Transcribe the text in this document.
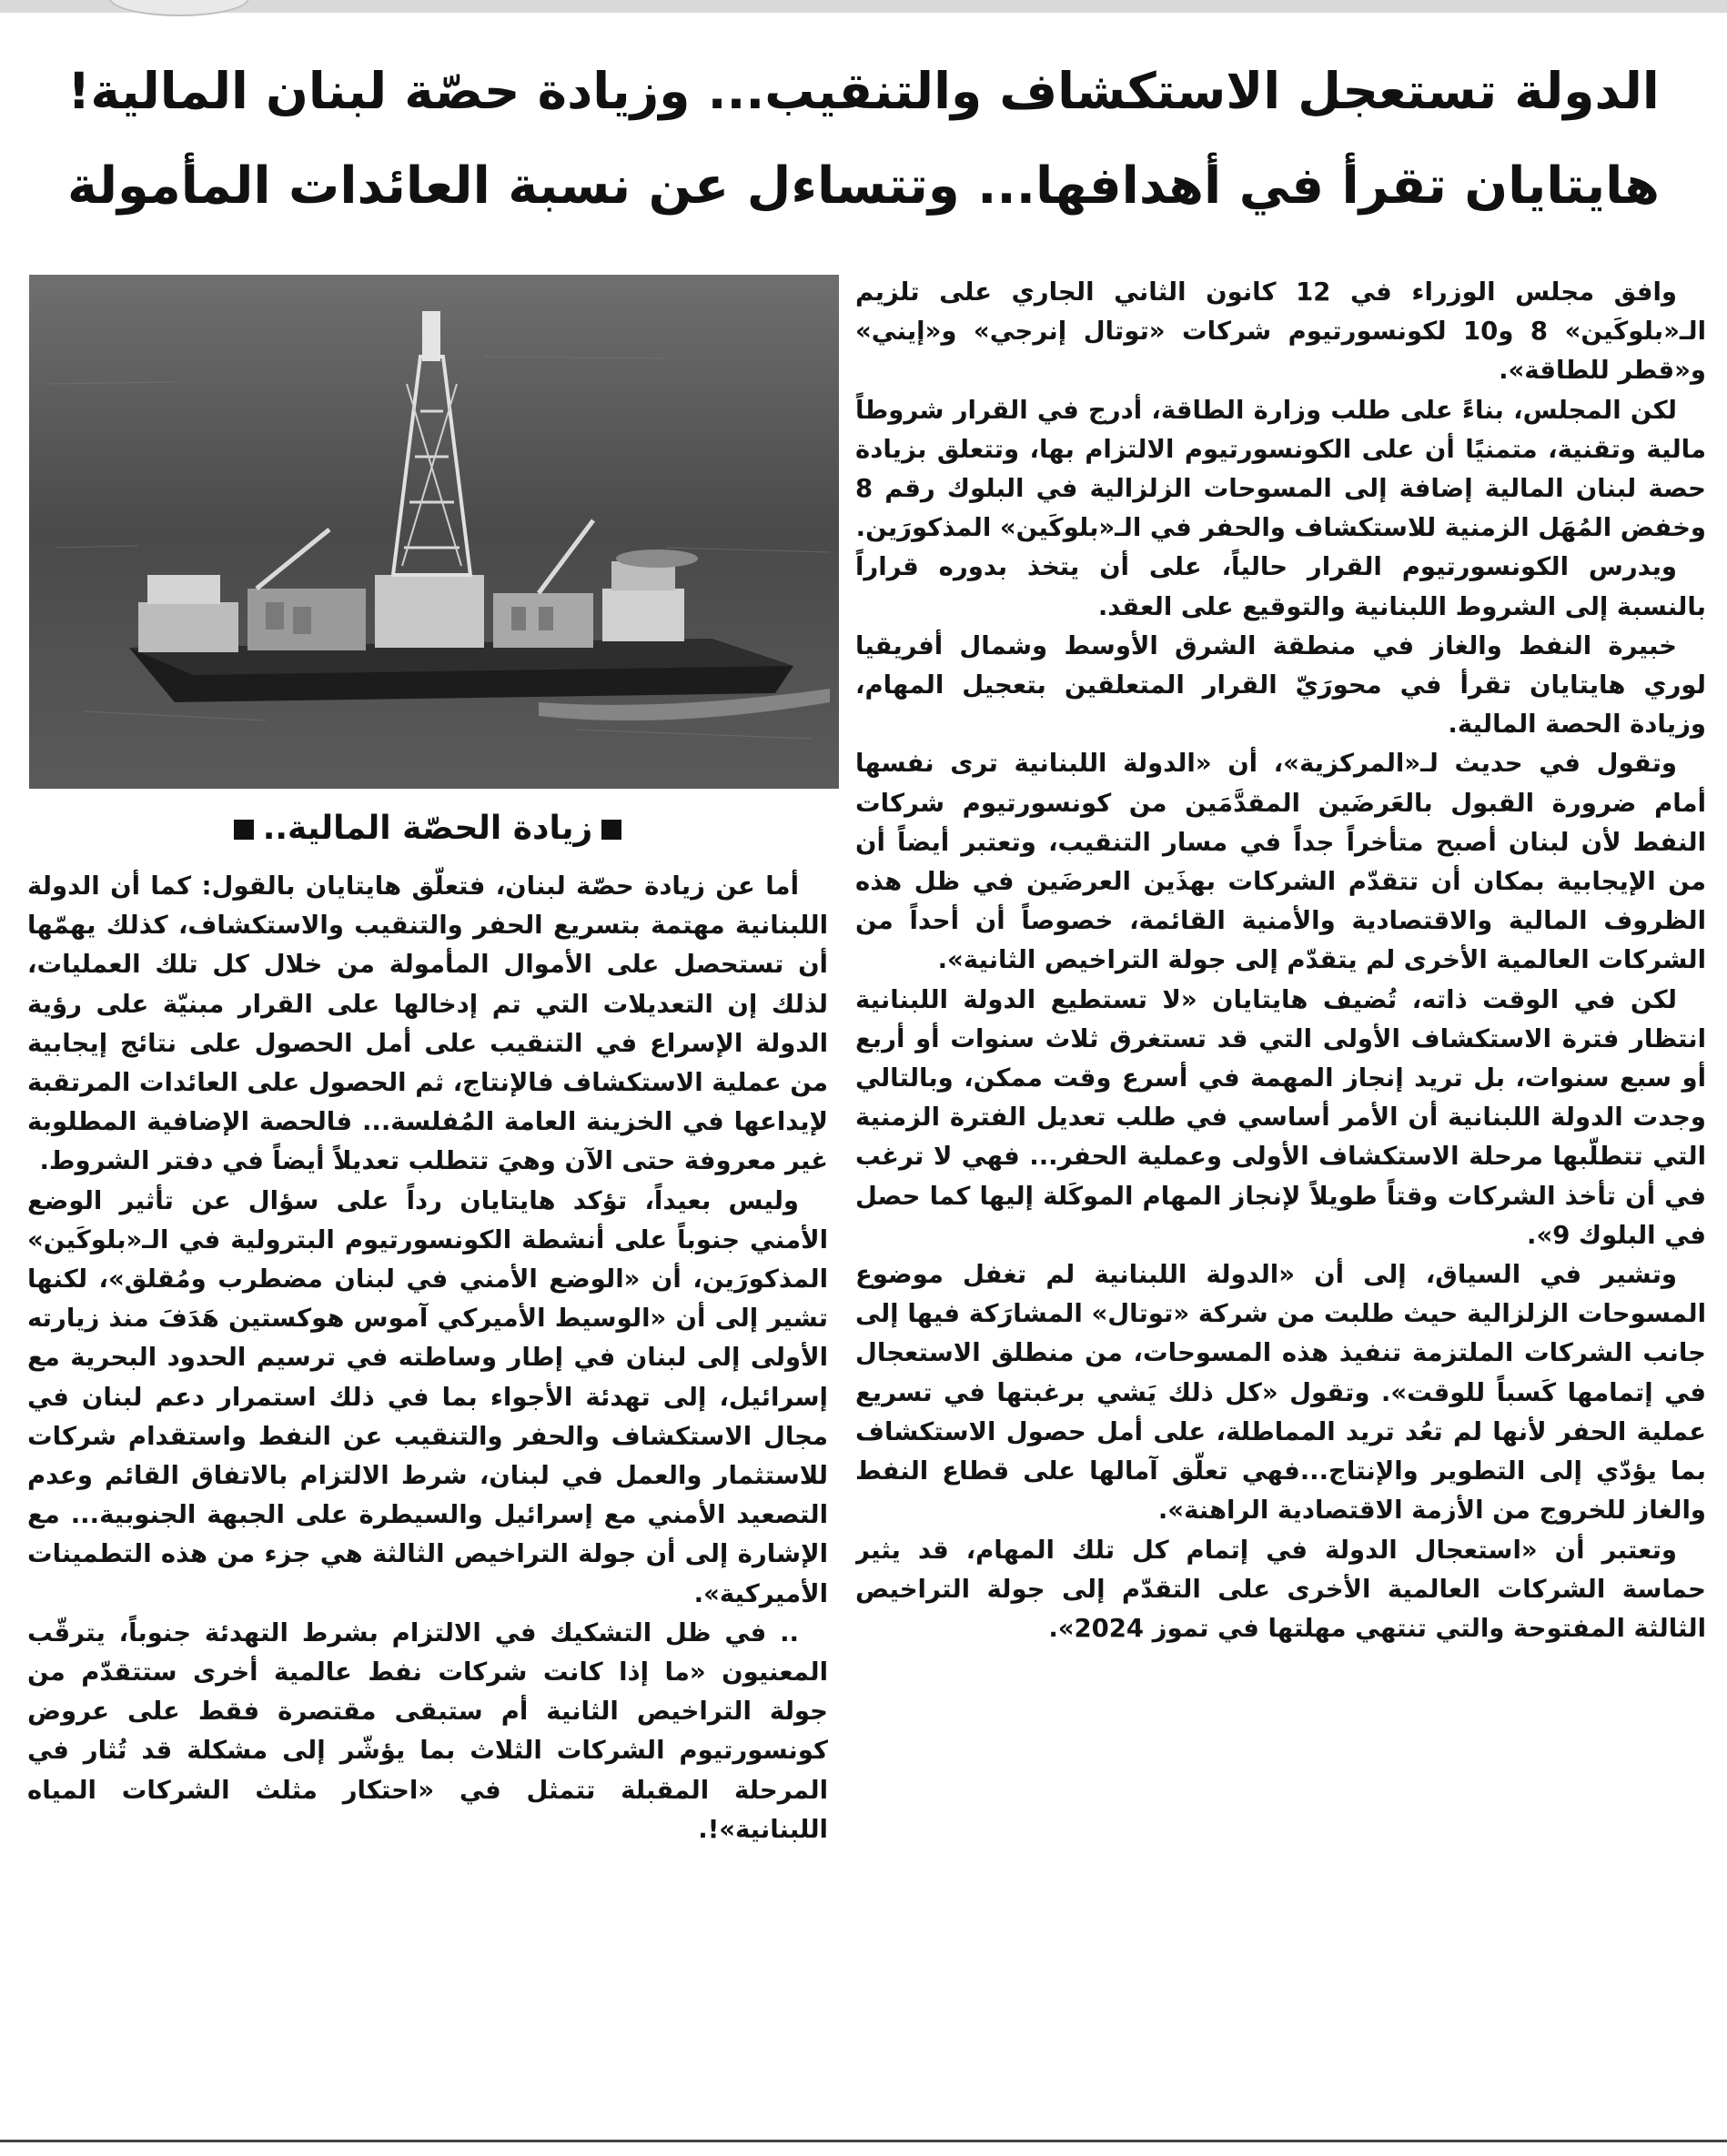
الدولة تستعجل الاستكشاف والتنقيب... وزيادة حصّة لبنان المالية!
هايتايان تقرأ في أهدافها... وتتساءل عن نسبة العائدات المأمولة
زيادة الحصّة المالية..

وافق مجلس الوزراء في 12 كانون الثاني الجاري على تلزيم الـ«بلوكَين» 8 و10 لكونسورتيوم شركات «توتال إنرجي» و«إيني» و«قطر للطاقة».

لكن المجلس، بناءً على طلب وزارة الطاقة، أدرج في القرار شروطاً مالية وتقنية، متمنيًا أن على الكونسورتيوم الالتزام بها، وتتعلق بزيادة حصة لبنان المالية إضافة إلى المسوحات الزلزالية في البلوك رقم 8 وخفض المُهَل الزمنية للاستكشاف والحفر في الـ«بلوكَين» المذكورَين.

ويدرس الكونسورتيوم القرار حالياً، على أن يتخذ بدوره قراراً بالنسبة إلى الشروط اللبنانية والتوقيع على العقد.

خبيرة النفط والغاز في منطقة الشرق الأوسط وشمال أفريقيا لوري هايتايان تقرأ في محورَيّ القرار المتعلقين بتعجيل المهام، وزيادة الحصة المالية.

وتقول في حديث لـ«المركزية»، أن «الدولة اللبنانية ترى نفسها أمام ضرورة القبول بالعَرضَين المقدَّمَين من كونسورتيوم شركات النفط لأن لبنان أصبح متأخراً جداً في مسار التنقيب، وتعتبر أيضاً أن من الإيجابية بمكان أن تتقدّم الشركات بهذَين العرضَين في ظل هذه الظروف المالية والاقتصادية والأمنية القائمة، خصوصاً أن أحداً من الشركات العالمية الأخرى لم يتقدّم إلى جولة التراخيص الثانية».

لكن في الوقت ذاته، تُضيف هايتايان «لا تستطيع الدولة اللبنانية انتظار فترة الاستكشاف الأولى التي قد تستغرق ثلاث سنوات أو أربع أو سبع سنوات، بل تريد إنجاز المهمة في أسرع وقت ممكن، وبالتالي وجدت الدولة اللبنانية أن الأمر أساسي في طلب تعديل الفترة الزمنية التي تتطلّبها مرحلة الاستكشاف الأولى وعملية الحفر... فهي لا ترغب في أن تأخذ الشركات وقتاً طويلاً لإنجاز المهام الموكَلة إليها كما حصل في البلوك 9».

وتشير في السياق، إلى أن «الدولة اللبنانية لم تغفل موضوع المسوحات الزلزالية حيث طلبت من شركة «توتال» المشارَكة فيها إلى جانب الشركات الملتزمة تنفيذ هذه المسوحات، من منطلق الاستعجال في إتمامها كَسباً للوقت». وتقول «كل ذلك يَشي برغبتها في تسريع عملية الحفر لأنها لم تعُد تريد المماطلة، على أمل حصول الاستكشاف بما يؤدّي إلى التطوير والإنتاج...فهي تعلّق آمالها على قطاع النفط والغاز للخروج من الأزمة الاقتصادية الراهنة».

وتعتبر أن «استعجال الدولة في إتمام كل تلك المهام، قد يثير حماسة الشركات العالمية الأخرى على التقدّم إلى جولة التراخيص الثالثة المفتوحة والتي تنتهي مهلتها في تموز 2024».

أما عن زيادة حصّة لبنان، فتعلّق هايتايان بالقول: كما أن الدولة اللبنانية مهتمة بتسريع الحفر والتنقيب والاستكشاف، كذلك يهمّها أن تستحصل على الأموال المأمولة من خلال كل تلك العمليات، لذلك إن التعديلات التي تم إدخالها على القرار مبنيّة على رؤية الدولة الإسراع في التنقيب على أمل الحصول على نتائج إيجابية من عملية الاستكشاف فالإنتاج، ثم الحصول على العائدات المرتقبة لإيداعها في الخزينة العامة المُفلسة... فالحصة الإضافية المطلوبة غير معروفة حتى الآن وهيَ تتطلب تعديلاً أيضاً في دفتر الشروط.

وليس بعيداً، تؤكد هايتايان رداً على سؤال عن تأثير الوضع الأمني جنوباً على أنشطة الكونسورتيوم البترولية في الـ«بلوكَين» المذكورَين، أن «الوضع الأمني في لبنان مضطرب ومُقلق»، لكنها تشير إلى أن «الوسيط الأميركي آموس هوكستين هَدَفَ منذ زيارته الأولى إلى لبنان في إطار وساطته في ترسيم الحدود البحرية مع إسرائيل، إلى تهدئة الأجواء بما في ذلك استمرار دعم لبنان في مجال الاستكشاف والحفر والتنقيب عن النفط واستقدام شركات للاستثمار والعمل في لبنان، شرط الالتزام بالاتفاق القائم وعدم التصعيد الأمني مع إسرائيل والسيطرة على الجبهة الجنوبية... مع الإشارة إلى أن جولة التراخيص الثالثة هي جزء من هذه التطمينات الأميركية».

.. في ظل التشكيك في الالتزام بشرط التهدئة جنوباً، يترقّب المعنيون «ما إذا كانت شركات نفط عالمية أخرى ستتقدّم من جولة التراخيص الثانية أم ستبقى مقتصرة فقط على عروض كونسورتيوم الشركات الثلاث بما يؤشّر إلى مشكلة قد تُثار في المرحلة المقبلة تتمثل في «احتكار مثلث الشركات المياه اللبنانية»!.
